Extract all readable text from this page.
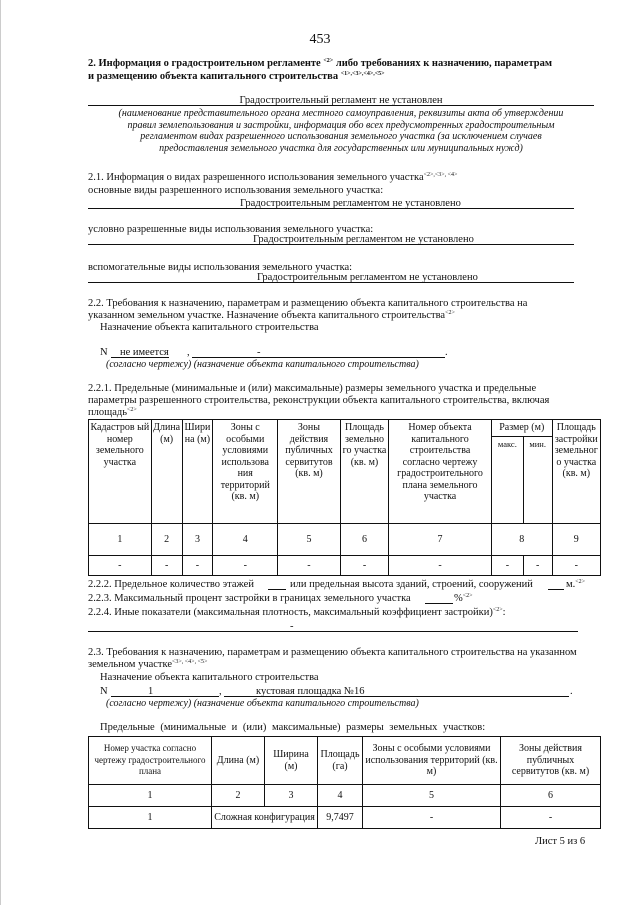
453
2. Информация о градостроительном регламенте $^{<2>}$ либо требованиях к назначению, параметрам
и размещению объекта капитального строительства $^{<1>,<3>,<4>,<5>}$
Градостроительный регламент не установлен
(наименование представительного органа местного самоуправления, реквизиты акта об утверждении
правил землепользования и застройки, информация обо всех предусмотренных градостроительным
регламентом видах разрешенного использования земельного участка (за исключением случаев
предоставления земельного участка для государственных или муниципальных нужд)
2.1. Информация о видах разрешенного использования земельного участка$^{<2>,<3>, <4>}$
основные виды разрешенного использования земельного участка:
Градостроительным регламентом не установлено
условно разрешенные виды использования земельного участка:
Градостроительным регламентом не установлено
вспомогательные виды использования земельного участка:
Градостроительным регламентом не установлено
2.2. Требования к назначению, параметрам и размещению объекта капитального строительства на
указанном земельном участке. Назначение объекта капитального строительства$^{<2>}$
Назначение объекта капитального строительства
N не имеется ,	-	.
(согласно чертежу) (назначение объекта капитального строительства)
2.2.1. Предельные (минимальные и (или) максимальные) размеры земельного участка и предельные
параметры разрешенного строительства, реконструкции объекта капитального строительства, включая
площадь$^{<2>}$
Кадастров ый номер земельного участка	Длина (м)	Шири на (м)	Зоны с особыми условиями использова ния территорий (кв. м)	Зоны действия публичных сервитутов (кв. м)	Площадь земельно го участка (кв. м)	Номер объекта капитального строительства согласно чертежу градостроительного плана земельного участка	Размер (м)		Площадь застройки земельног о участка (кв. м)
							макс.	мин.	
1	2	3	4	5	6	7	8		9
-	-	-	-	-	-	-	-	-	-
2.2.2. Предельное количество этажей	или предельная высота зданий, строений, сооружений	м.$^{<2>}$
2.2.3. Максимальный процент застройки в границах земельного участка	%$^{<2>}$
2.2.4. Иные показатели (максимальная плотность, максимальный коэффициент застройки)$^{<2>}$:
-
2.3. Требования к назначению, параметрам и размещению объекта капитального строительства на указанном
земельном участке$^{<3>, <4>, <5>}$
Назначение объекта капитального строительства
N	1	,	кустовая площадка №16	.
(согласно чертежу) (назначение объекта капитального строительства)
Предельные (минимальные и (или) максимальные) размеры земельных участков:
Номер участка согласно чертежу градостроительного плана	Длина (м)	Ширина (м)	Площадь (га)	Зоны с особыми условиями использования территорий (кв. м)	Зоны действия публичных сервитутов (кв. м)
1	2	3	4	5	6
1	Сложная конфигурация		9,7497	-	-
Лист 5 из 6
